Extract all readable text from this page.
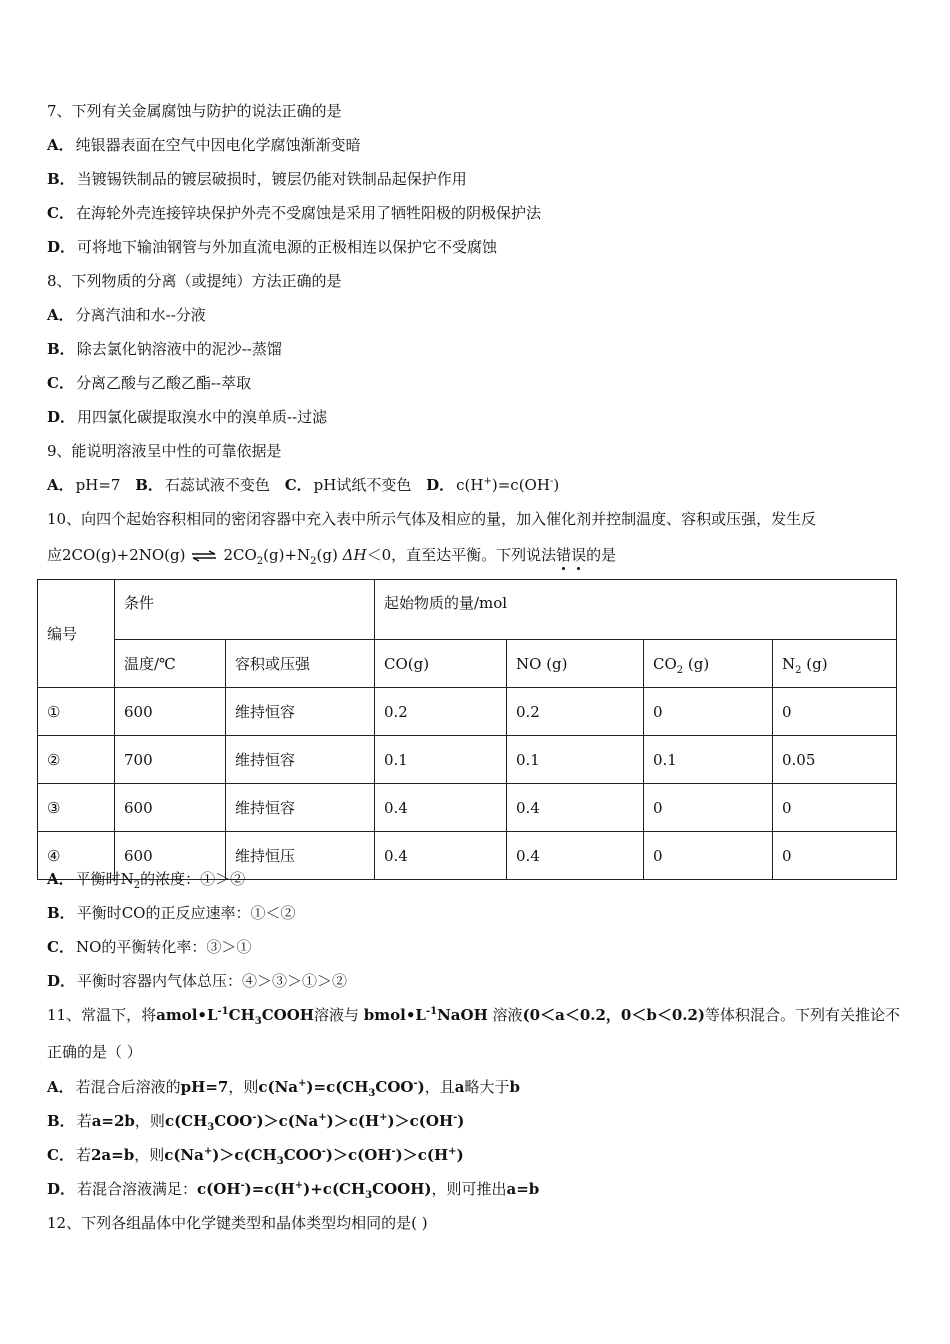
7、下列有关金属腐蚀与防护的说法正确的是
A． 纯银器表面在空气中因电化学腐蚀渐渐变暗
B． 当镀锡铁制品的镀层破损时，镀层仍能对铁制品起保护作用
C． 在海轮外壳连接锌块保护外壳不受腐蚀是采用了牺牲阳极的阴极保护法
D． 可将地下输油钢管与外加直流电源的正极相连以保护它不受腐蚀
8、下列物质的分离（或提纯）方法正确的是
A． 分离汽油和水--分液
B． 除去氯化钠溶液中的泥沙--蒸馏
C． 分离乙酸与乙酸乙酯--萃取
D． 用四氯化碳提取溴水中的溴单质--过滤
9、能说明溶液呈中性的可靠依据是
A． pH=7 B． 石蕊试液不变色 C． pH试纸不变色 D． c(H+)=c(OH-)
10、向四个起始容积相同的密闭容器中充入表中所示气体及相应的量，加入催化剂并控制温度、容积或压强，发生反
应2CO(g)+2NO(g) ⇌ $2CO_2(g)+N_2(g)$ ΔH＜0，直至达平衡。下列说法错
误
的是
编号	条件		起始物质的量/mol			
	温度/℃	容积或压强	CO(g)	NO (g)	$CO_2$ (g)	$N_2$ (g)
①	600	维持恒容	0.2	0.2	0	0
②	700	维持恒容	0.1	0.1	0.1	0.05
③	600	维持恒容	0.4	0.4	0	0
④	600	维持恒压	0.4	0.4	0	0
A． 平衡时$N_2$的浓度：①＞②
B． 平衡时CO的正反应速率：①＜②
C． NO的平衡转化率：③＞①
D． 平衡时容器内气体总压：④＞③＞①＞②
11、常温下，将$amol•L^{-1}CH_3COOH$溶液与 $bmol•L^{-1}NaOH$ 溶液(0＜a＜0.2，0＜b＜0.2)等体积混合。下列有关推论不
正确的是（ ）
A． 若混合后溶液的pH=7，则$c(Na^+)=c(CH_3COO^-)$，且a略大于b
B． 若a=2b，则$c(CH_3COO^-)>c(Na^+)>c(H^+)>c(OH^-)$
C． 若2a=b，则$c(Na^+)>c(CH_3COO^-)>c(OH^-)>c(H^+)$
D． 若混合溶液满足：$c(OH^-)=c(H^+)+c(CH_3COOH)$，则可推出a=b
12、下列各组晶体中化学键类型和晶体类型均相同的是( )
